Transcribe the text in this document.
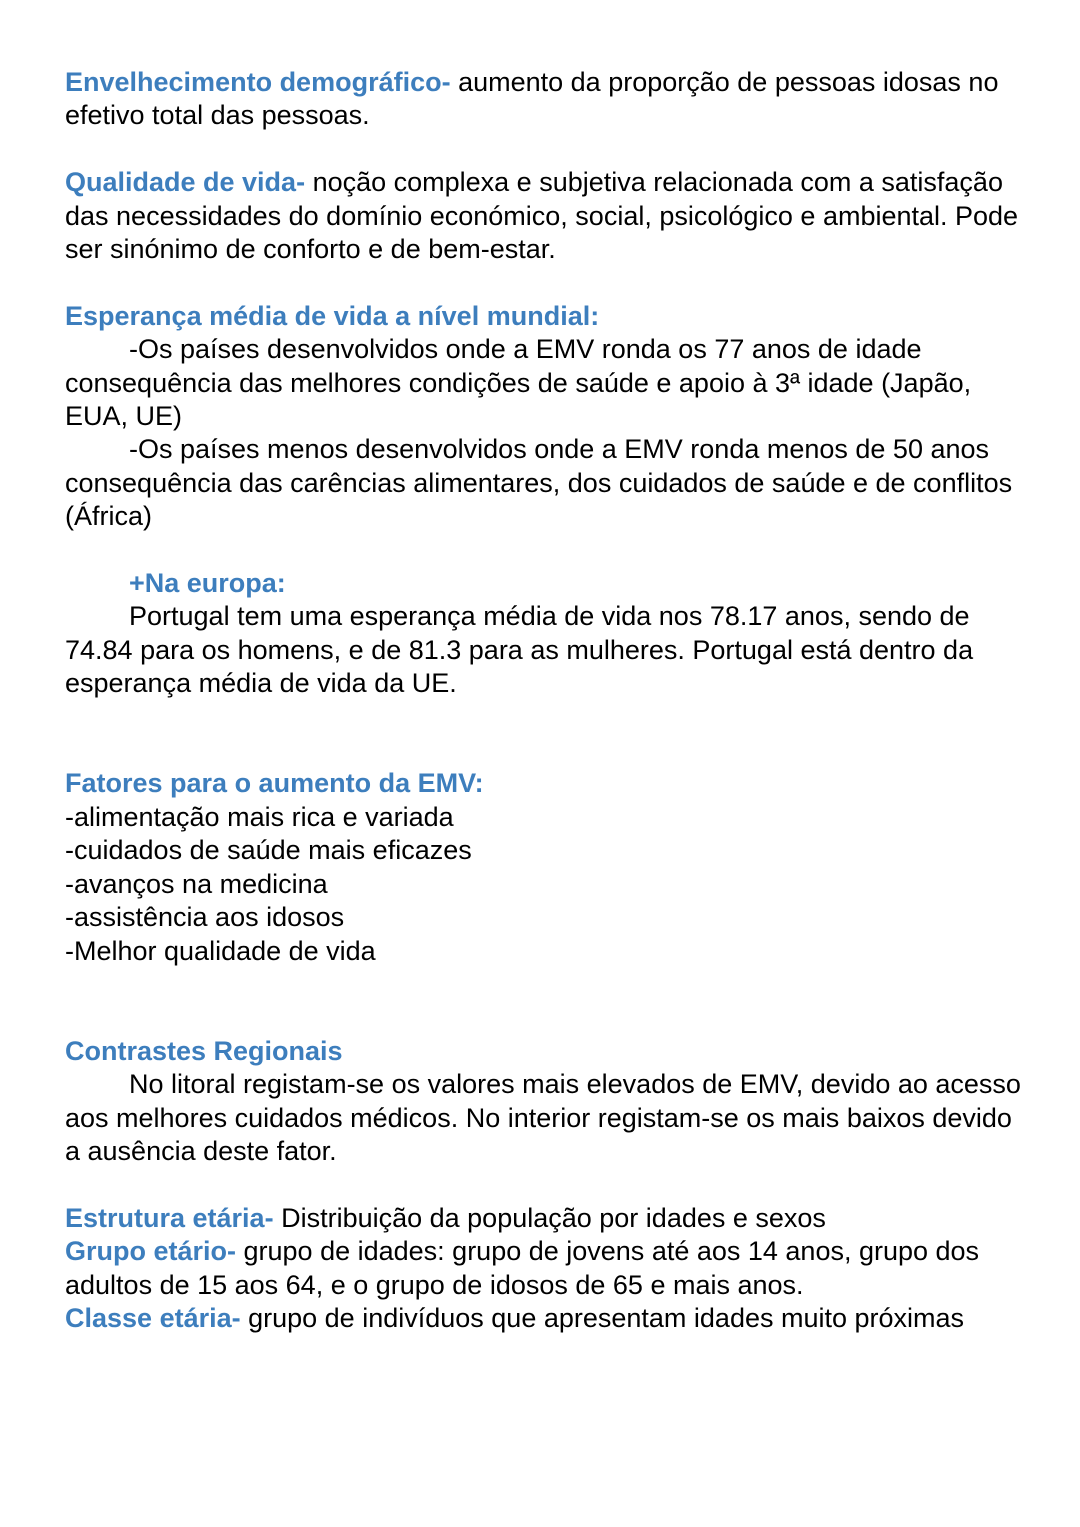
Envelhecimento demográfico- aumento da proporção de pessoas idosas no efetivo total das pessoas.

Qualidade de vida- noção complexa e subjetiva relacionada com a satisfação das necessidades do domínio económico, social, psicológico e ambiental. Pode ser sinónimo de conforto e de bem-estar.

Esperança média de vida a nível mundial:

-Os países desenvolvidos onde a EMV ronda os 77 anos de idade consequência das melhores condições de saúde e apoio à 3ª idade (Japão, EUA, UE)

-Os países menos desenvolvidos onde a EMV ronda menos de 50 anos consequência das carências alimentares, dos cuidados de saúde e de conflitos (África)

+Na europa:

Portugal tem uma esperança média de vida nos 78.17 anos, sendo de 74.84 para os homens, e de 81.3 para as mulheres. Portugal está dentro da esperança média de vida da UE.

Fatores para o aumento da EMV:

-alimentação mais rica e variada
-cuidados de saúde mais eficazes
-avanços na medicina
-assistência aos idosos
-Melhor qualidade de vida

Contrastes Regionais

No litoral registam-se os valores mais elevados de EMV, devido ao acesso aos melhores cuidados médicos. No interior registam-se os mais baixos devido a ausência deste fator.

Estrutura etária- Distribuição da população por idades e sexos

Grupo etário- grupo de idades: grupo de jovens até aos 14 anos, grupo dos adultos de 15 aos 64, e o grupo de idosos de 65 e mais anos.

Classe etária- grupo de indivíduos que apresentam idades muito próximas
